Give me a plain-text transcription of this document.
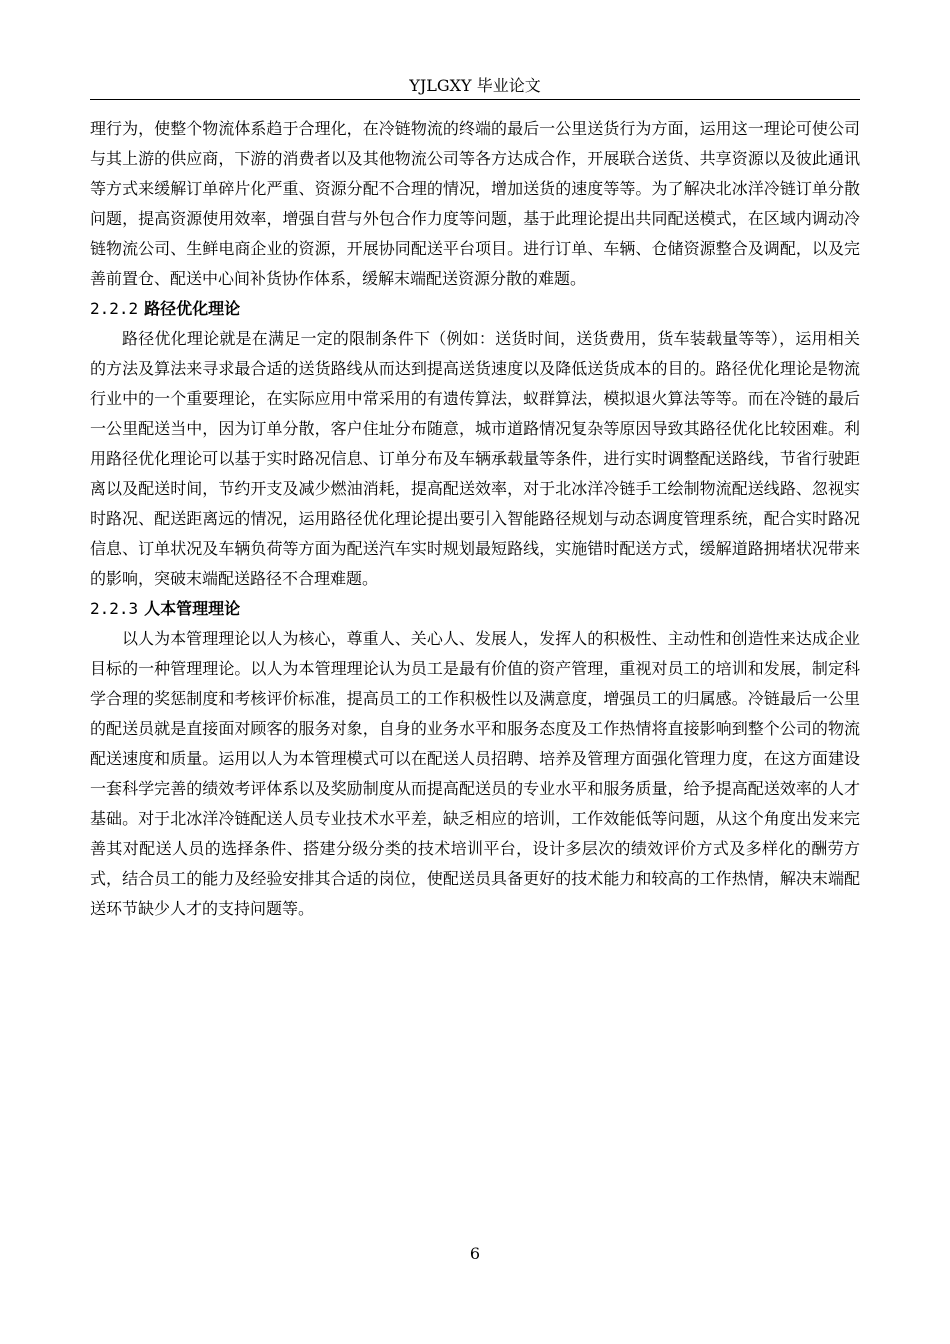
YJLGXY 毕业论文

理行为，使整个物流体系趋于合理化，在冷链物流的终端的最后一公里送货行为方面，运用这一理论可使公司与其上游的供应商，下游的消费者以及其他物流公司等各方达成合作，开展联合送货、共享资源以及彼此通讯等方式来缓解订单碎片化严重、资源分配不合理的情况，增加送货的速度等等。为了解决北冰洋冷链订单分散问题，提高资源使用效率，增强自营与外包合作力度等问题，基于此理论提出共同配送模式，在区域内调动冷链物流公司、生鲜电商企业的资源，开展协同配送平台项目。进行订单、车辆、仓储资源整合及调配，以及完善前置仓、配送中心间补货协作体系，缓解末端配送资源分散的难题。

2.2.2 路径优化理论

路径优化理论就是在满足一定的限制条件下（例如：送货时间，送货费用，货车装载量等等），运用相关的方法及算法来寻求最合适的送货路线从而达到提高送货速度以及降低送货成本的目的。路径优化理论是物流行业中的一个重要理论，在实际应用中常采用的有遗传算法，蚁群算法，模拟退火算法等等。而在冷链的最后一公里配送当中，因为订单分散，客户住址分布随意，城市道路情况复杂等原因导致其路径优化比较困难。利用路径优化理论可以基于实时路况信息、订单分布及车辆承载量等条件，进行实时调整配送路线，节省行驶距离以及配送时间，节约开支及减少燃油消耗，提高配送效率，对于北冰洋冷链手工绘制物流配送线路、忽视实时路况、配送距离远的情况，运用路径优化理论提出要引入智能路径规划与动态调度管理系统，配合实时路况信息、订单状况及车辆负荷等方面为配送汽车实时规划最短路线，实施错时配送方式，缓解道路拥堵状况带来的影响，突破末端配送路径不合理难题。

2.2.3 人本管理理论

以人为本管理理论以人为核心，尊重人、关心人、发展人，发挥人的积极性、主动性和创造性来达成企业目标的一种管理理论。以人为本管理理论认为员工是最有价值的资产管理，重视对员工的培训和发展，制定科学合理的奖惩制度和考核评价标准，提高员工的工作积极性以及满意度，增强员工的归属感。冷链最后一公里的配送员就是直接面对顾客的服务对象，自身的业务水平和服务态度及工作热情将直接影响到整个公司的物流配送速度和质量。运用以人为本管理模式可以在配送人员招聘、培养及管理方面强化管理力度，在这方面建设一套科学完善的绩效考评体系以及奖励制度从而提高配送员的专业水平和服务质量，给予提高配送效率的人才基础。对于北冰洋冷链配送人员专业技术水平差，缺乏相应的培训，工作效能低等问题，从这个角度出发来完善其对配送人员的选择条件、搭建分级分类的技术培训平台，设计多层次的绩效评价方式及多样化的酬劳方式，结合员工的能力及经验安排其合适的岗位，使配送员具备更好的技术能力和较高的工作热情，解决末端配送环节缺少人才的支持问题等。

6
